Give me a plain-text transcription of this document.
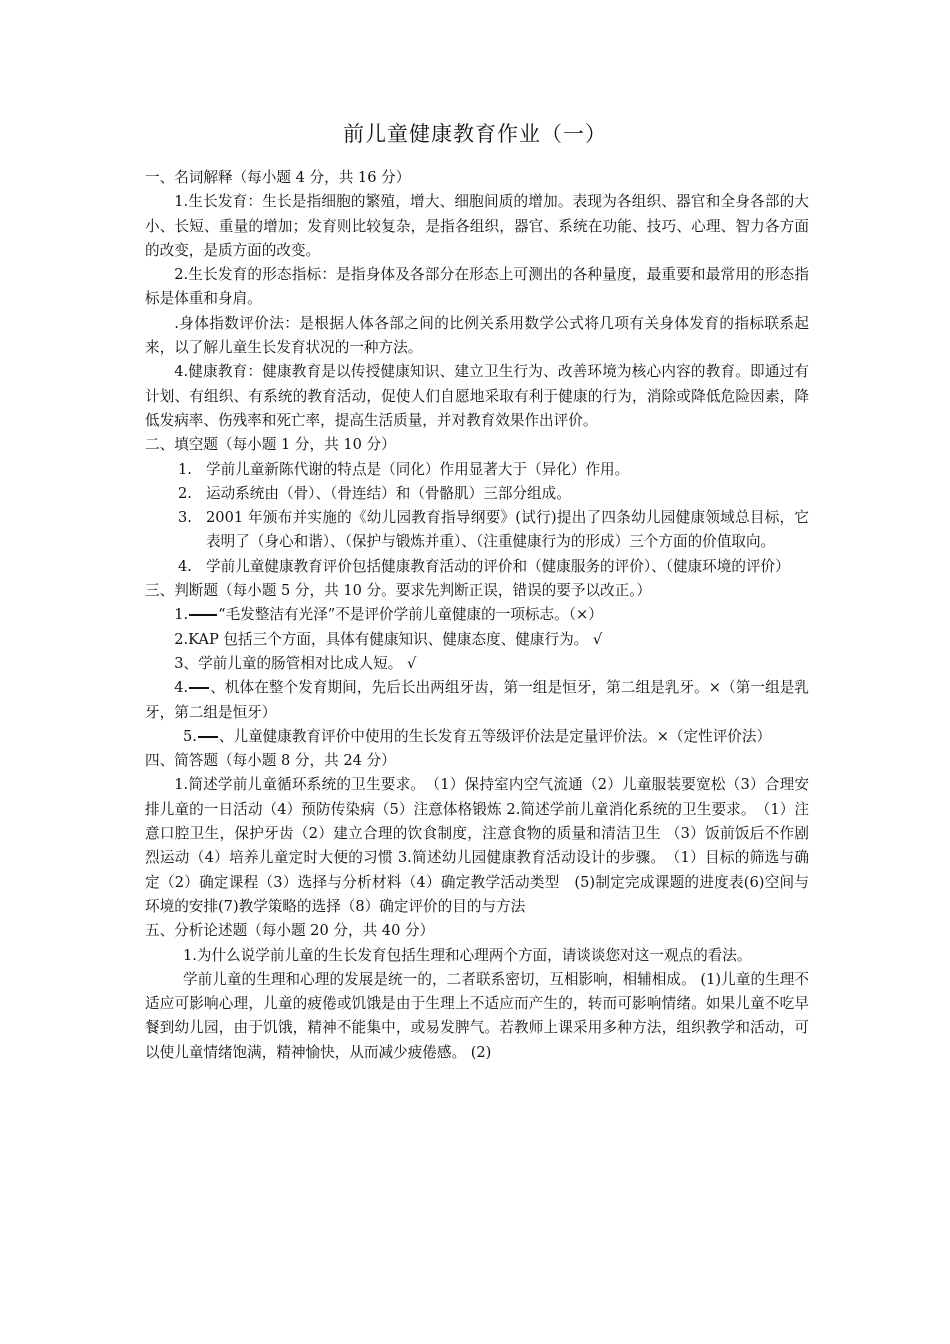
前儿童健康教育作业（一）

一、名词解释（每小题 4 分，共 16 分）

1.生长发育：生长是指细胞的繁殖，增大、细胞间质的增加。表现为各组织、器官和全身各部的大小、长短、重量的增加；发育则比较复杂，是指各组织，器官、系统在功能、技巧、心理、智力各方面的改变，是质方面的改变。

2.生长发育的形态指标：是指身体及各部分在形态上可测出的各种量度，最重要和最常用的形态指标是体重和身肩。

.身体指数评价法：是根据人体各部之间的比例关系用数学公式将几项有关身体发育的指标联系起来，以了解儿童生长发育状况的一种方法。

4.健康教育：健康教育是以传授健康知识、建立卫生行为、改善环境为核心内容的教育。即通过有计划、有组织、有系统的教育活动，促使人们自愿地采取有利于健康的行为，消除或降低危险因素，降低发病率、伤残率和死亡率，提高生活质量，并对教育效果作出评价。

二、填空题（每小题 1 分，共 10 分）

1. 学前儿童新陈代谢的特点是（同化）作用显著大于（异化）作用。

2. 运动系统由（骨）、（骨连结）和（骨骼肌）三部分组成。

3. 2001 年颁布并实施的《幼儿园教育指导纲要》(试行)提出了四条幼儿园健康领域总目标，它表明了（身心和谐）、（保护与锻炼并重）、（注重健康行为的形成）三个方面的价值取向。

4. 学前儿童健康教育评价包括健康教育活动的评价和（健康服务的评价）、（健康环境的评价）

三、判断题（每小题 5 分，共 10 分。要求先判断正误，错误的要予以改正。）

1. “毛发整洁有光泽”不是评价学前儿童健康的一项标志。（×）

2.KAP 包括三个方面，具体有健康知识、健康态度、健康行为。 √

3、学前儿童的肠管相对比成人短。 √

4. 、机体在整个发育期间，先后长出两组牙齿，第一组是恒牙，第二组是乳牙。×（第一组是乳牙，第二组是恒牙）

5. 、儿童健康教育评价中使用的生长发育五等级评价法是定量评价法。×（定性评价法）

四、简答题（每小题 8 分，共 24 分）

1.简述学前儿童循环系统的卫生要求。　（1）保持室内空气流通（2）儿童服装要宽松（3）合理安排儿童的一日活动（4）预防传染病（5）注意体格锻炼 2.简述学前儿童消化系统的卫生要求。　（1）注意口腔卫生，保护牙齿（2）建立合理的饮食制度，注意食物的质量和清洁卫生 （3）饭前饭后不作剧烈运动（4）培养儿童定时大便的习惯 3.简述幼儿园健康教育活动设计的步骤。　（1）目标的筛选与确定（2）确定课程（3）选择与分析材料（4）确定教学活动类型　(5)制定完成课题的进度表(6)空间与环境的安排(7)教学策略的选择（8）确定评价的目的与方法

五、分析论述题（每小题 20 分，共 40 分）

1.为什么说学前儿童的生长发育包括生理和心理两个方面，请谈谈您对这一观点的看法。

学前儿童的生理和心理的发展是统一的，二者联系密切，互相影响，相辅相成。 (1)儿童的生理不适应可影响心理，儿童的疲倦或饥饿是由于生理上不适应而产生的，转而可影响情绪。如果儿童不吃早餐到幼儿园，由于饥饿，精神不能集中，或易发脾气。若教师上课采用多种方法，组织教学和活动，可以使儿童情绪饱满，精神愉快，从而减少疲倦感。 (2)
